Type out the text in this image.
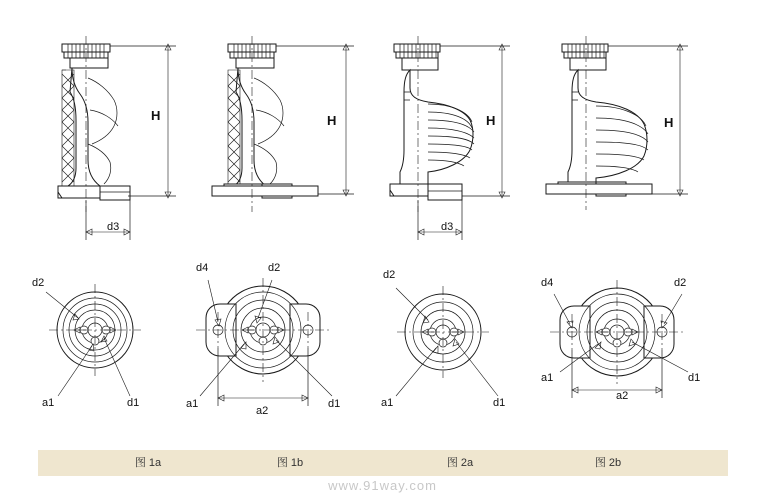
H
d3
d2
a1	d1
H
d4	d2
a1
a2
d1
H
d3
d2
a1	d1
H
d4	d2
a1
a2
d1
图 1a	图 1b	图 2a	图 2b
www.91way.com
